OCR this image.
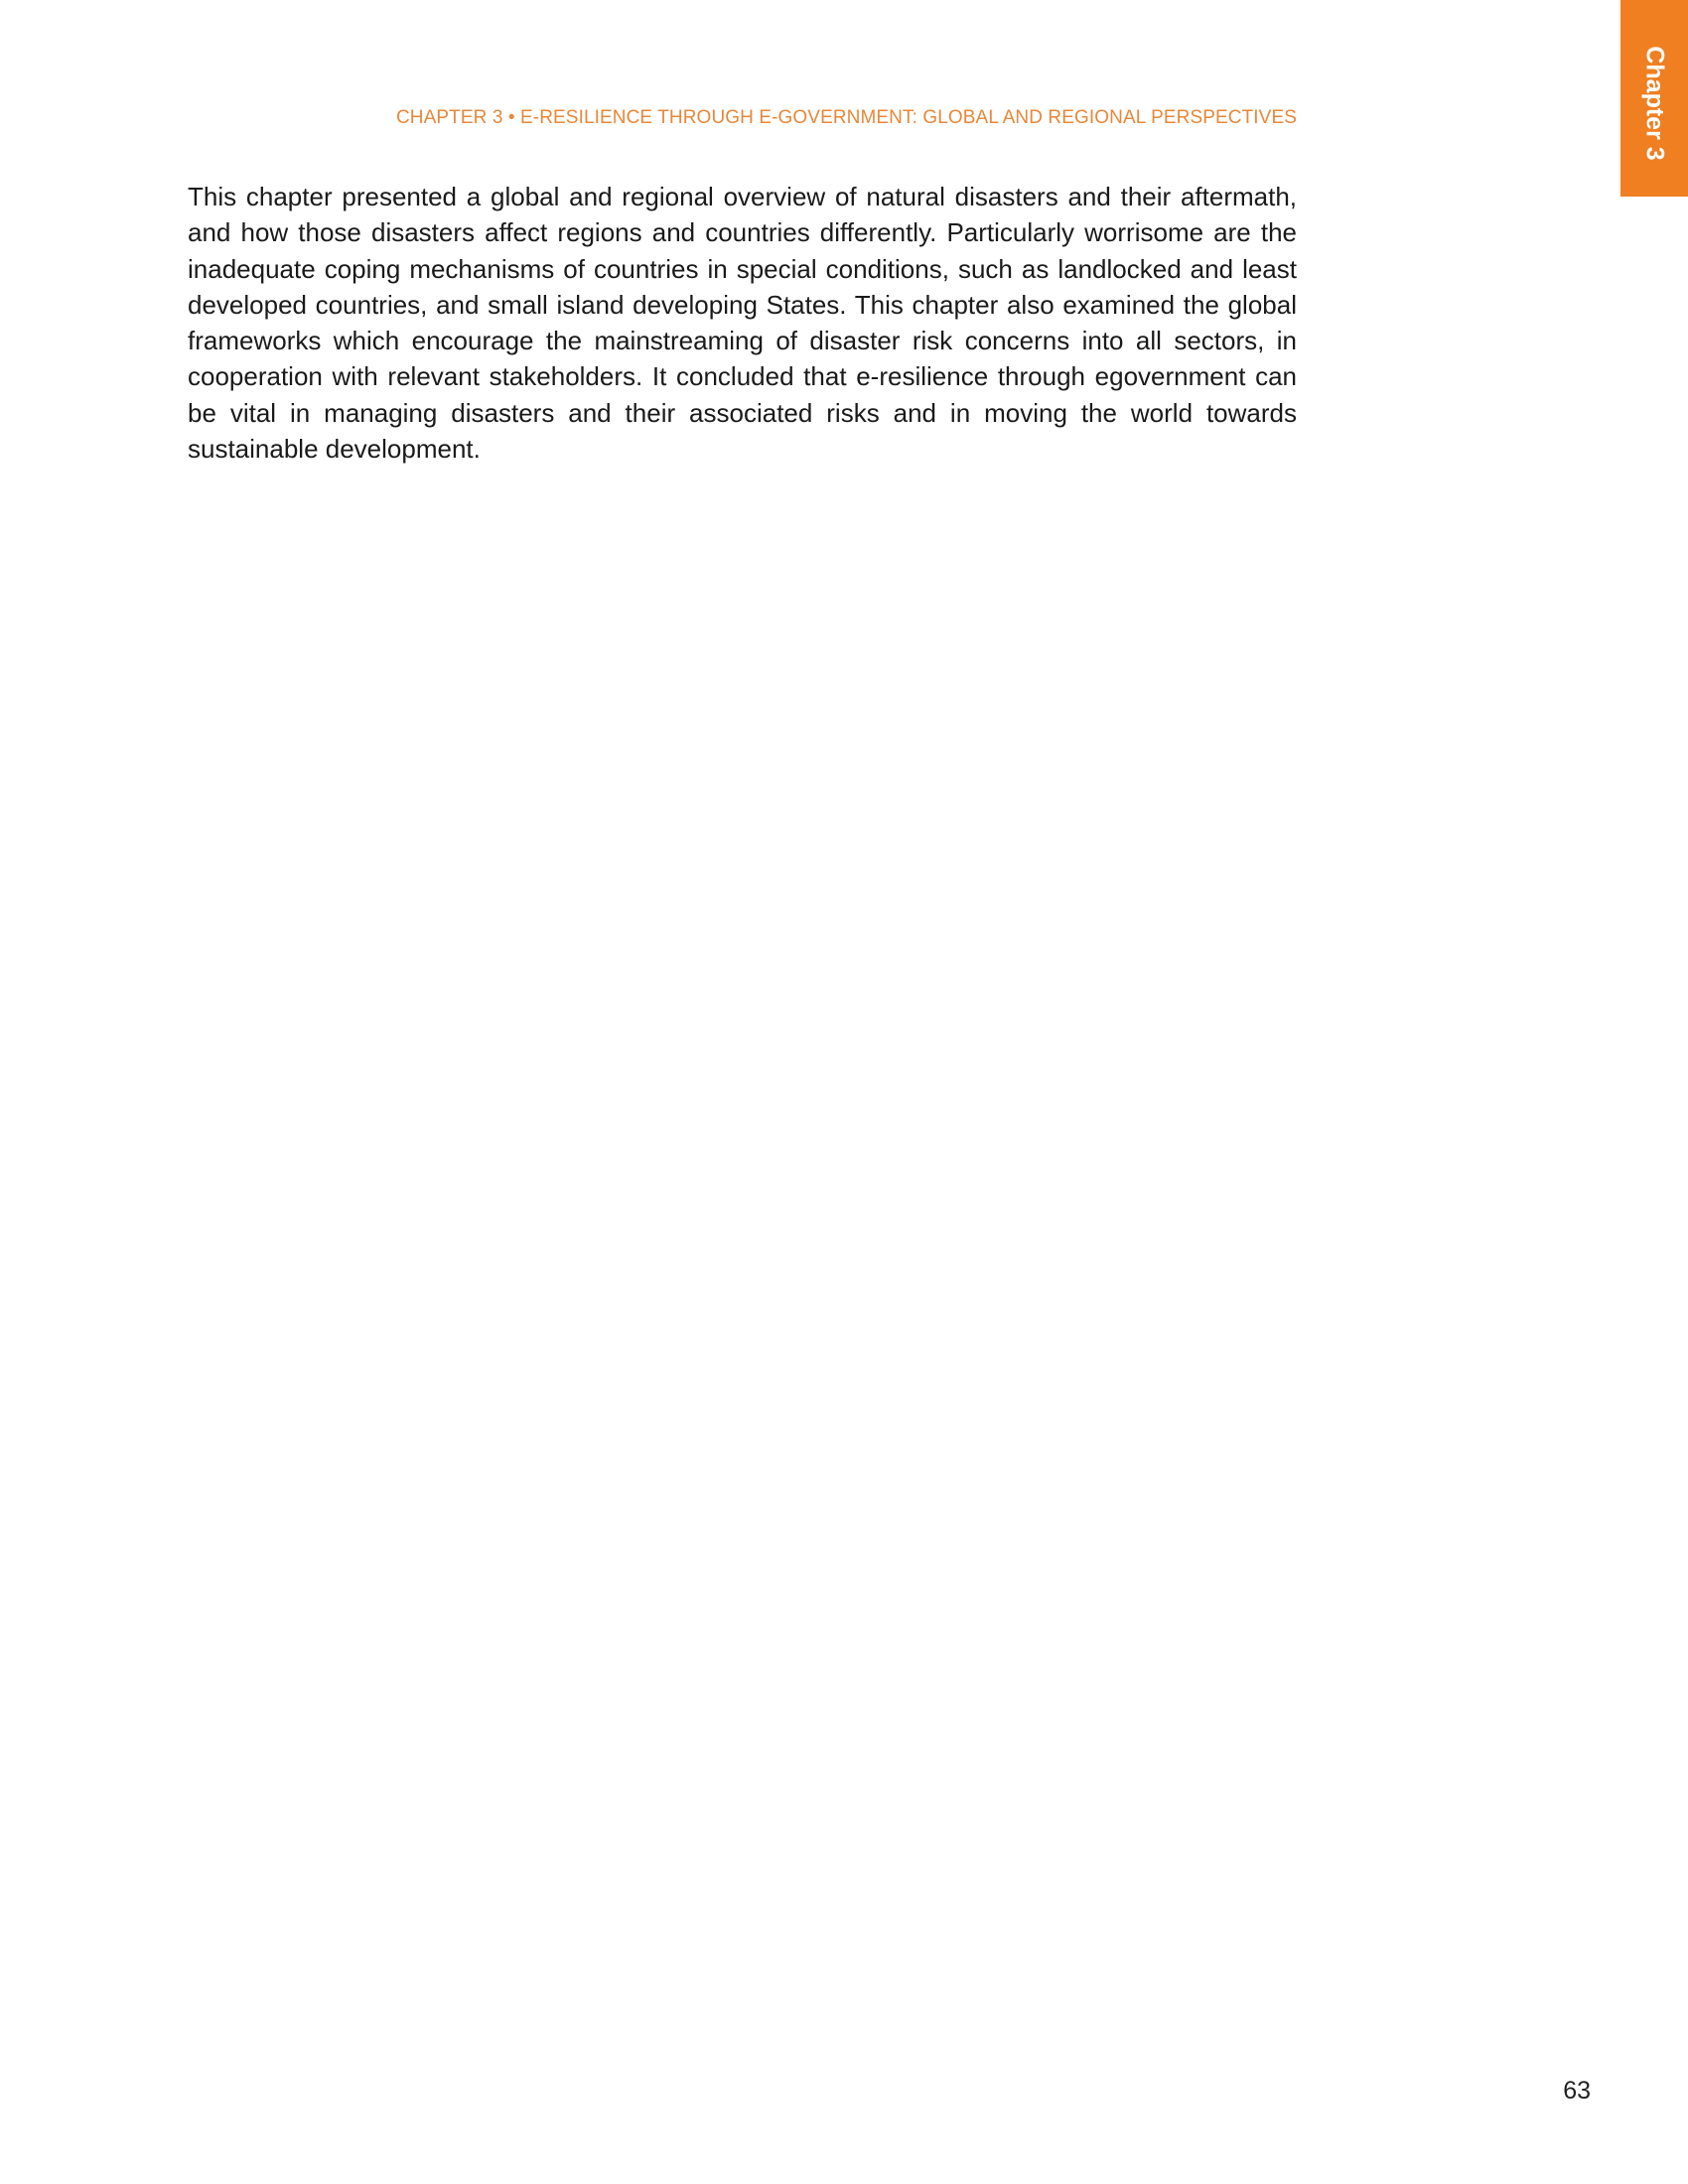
CHAPTER 3 • E-RESILIENCE THROUGH E-GOVERNMENT: GLOBAL AND REGIONAL PERSPECTIVES	Chapter 3

This chapter presented a global and regional overview of natural disasters and their aftermath, and how those disasters affect regions and countries differently. Particularly worrisome are the inadequate coping mechanisms of countries in special conditions, such as landlocked and least developed countries, and small island developing States. This chapter also examined the global frameworks which encourage the mainstreaming of disaster risk concerns into all sectors, in cooperation with relevant stakeholders. It concluded that e-resilience through egovernment can be vital in managing disasters and their associated risks and in moving the world towards sustainable development.

63
